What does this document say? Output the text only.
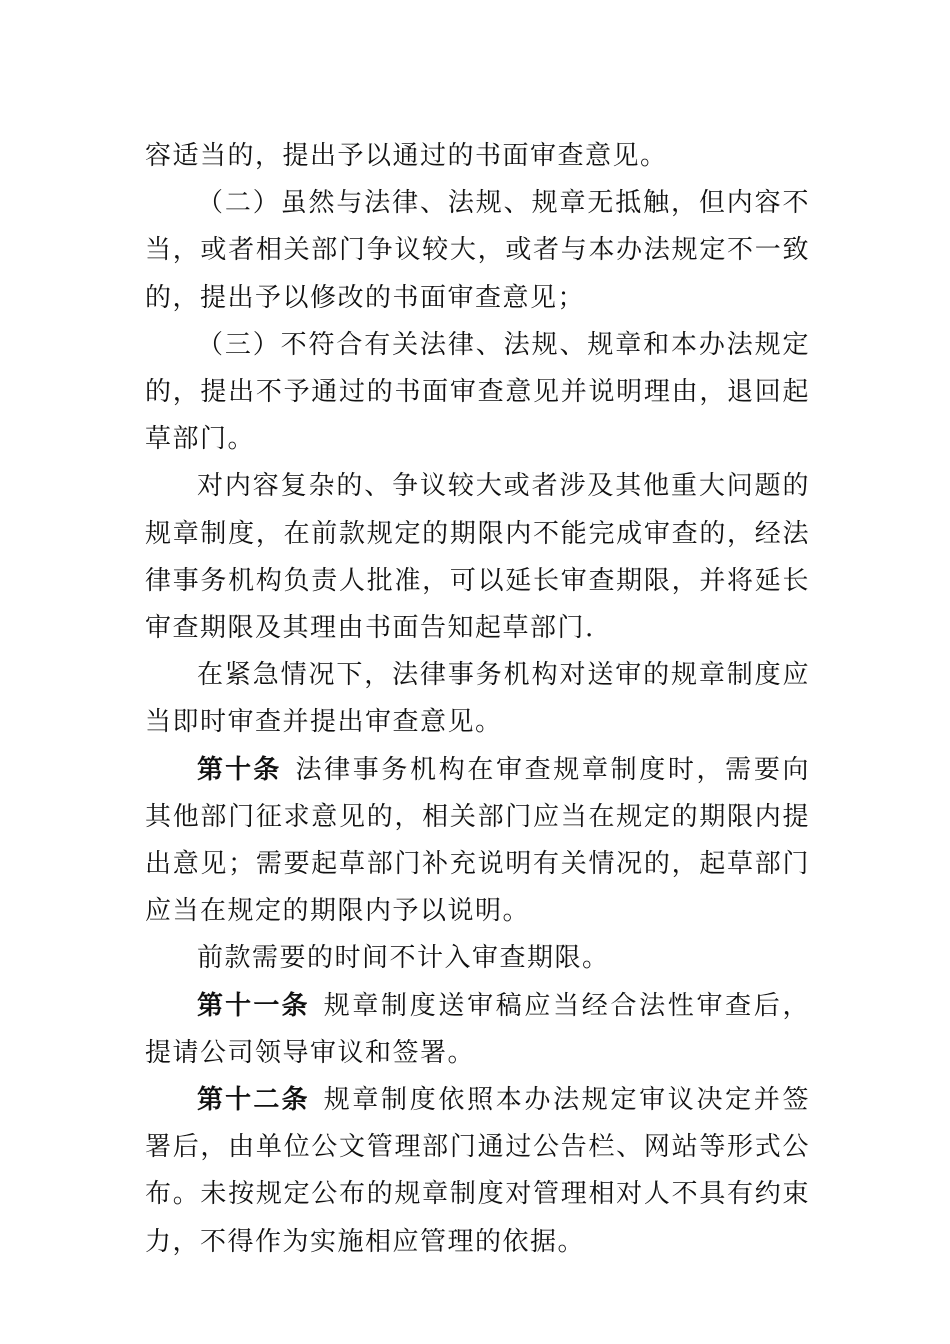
容适当的，提出予以通过的书面审查意见。

（二）虽然与法律、法规、规章无抵触，但内容不当，或者相关部门争议较大，或者与本办法规定不一致的，提出予以修改的书面审查意见；

（三）不符合有关法律、法规、规章和本办法规定的，提出不予通过的书面审查意见并说明理由，退回起草部门。

对内容复杂的、争议较大或者涉及其他重大问题的规章制度，在前款规定的期限内不能完成审查的，经法律事务机构负责人批准，可以延长审查期限，并将延长审查期限及其理由书面告知起草部门.

在紧急情况下，法律事务机构对送审的规章制度应当即时审查并提出审查意见。

第十条 法律事务机构在审查规章制度时，需要向其他部门征求意见的，相关部门应当在规定的期限内提出意见；需要起草部门补充说明有关情况的，起草部门应当在规定的期限内予以说明。

前款需要的时间不计入审查期限。

第十一条 规章制度送审稿应当经合法性审查后，提请公司领导审议和签署。

第十二条 规章制度依照本办法规定审议决定并签署后，由单位公文管理部门通过公告栏、网站等形式公布。未按规定公布的规章制度对管理相对人不具有约束力，不得作为实施相应管理的依据。
